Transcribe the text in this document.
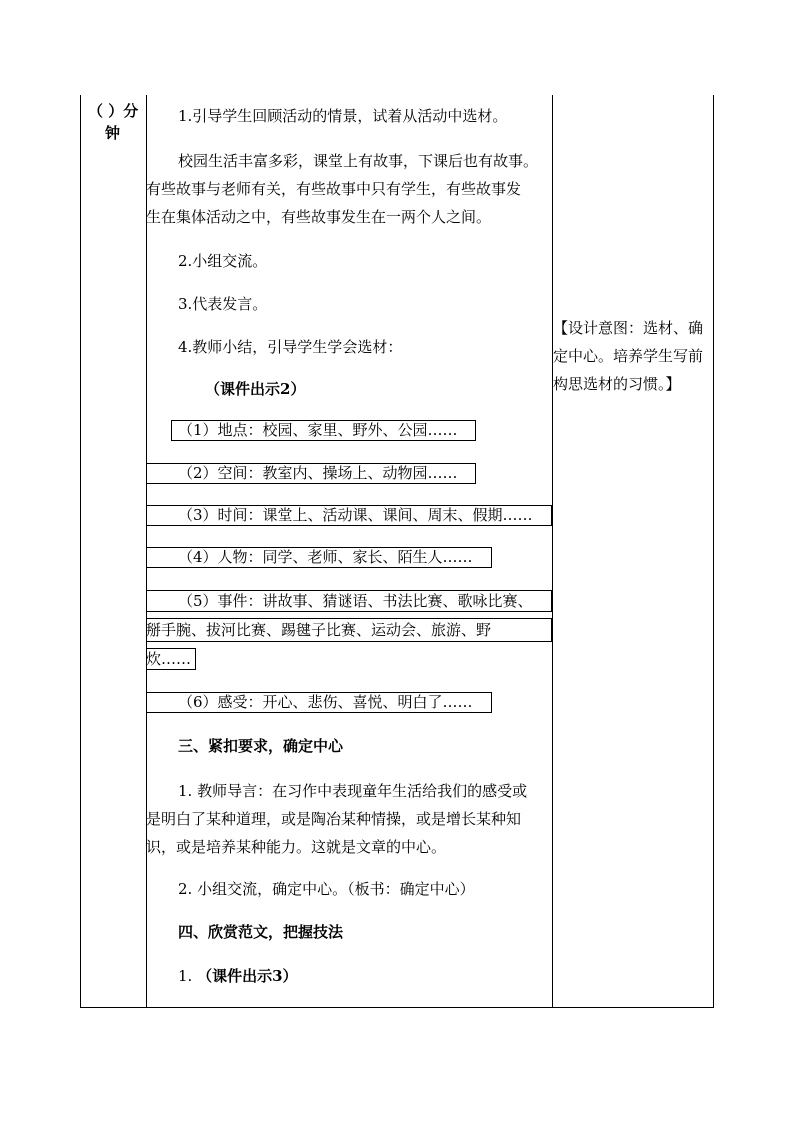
（ ）分
钟
1.引导学生回顾活动的情景，试着从活动中选材。
校园生活丰富多彩，课堂上有故事，下课后也有故事。
有些故事与老师有关，有些故事中只有学生，有些故事发
生在集体活动之中，有些故事发生在一两个人之间。
2.小组交流。
3.代表发言。
4.教师小结，引导学生学会选材：
（课件出示2）
（1）地点：校园、家里、野外、公园……
（2）空间：教室内、操场上、动物园……
（3）时间：课堂上、活动课、课间、周末、假期……
（4）人物：同学、老师、家长、陌生人……
（5）事件：讲故事、猜谜语、书法比赛、歌咏比赛、
掰手腕、拔河比赛、踢毽子比赛、运动会、旅游、野
炊……
（6）感受：开心、悲伤、喜悦、明白了……
三、紧扣要求，确定中心
1. 教师导言：在习作中表现童年生活给我们的感受或
是明白了某种道理，或是陶冶某种情操，或是增长某种知
识，或是培养某种能力。这就是文章的中心。
2. 小组交流，确定中心。（板书：确定中心）
四、欣赏范文，把握技法
1. （课件出示3）
【设计意图：选材、确
定中心。培养学生写前
构思选材的习惯。】
